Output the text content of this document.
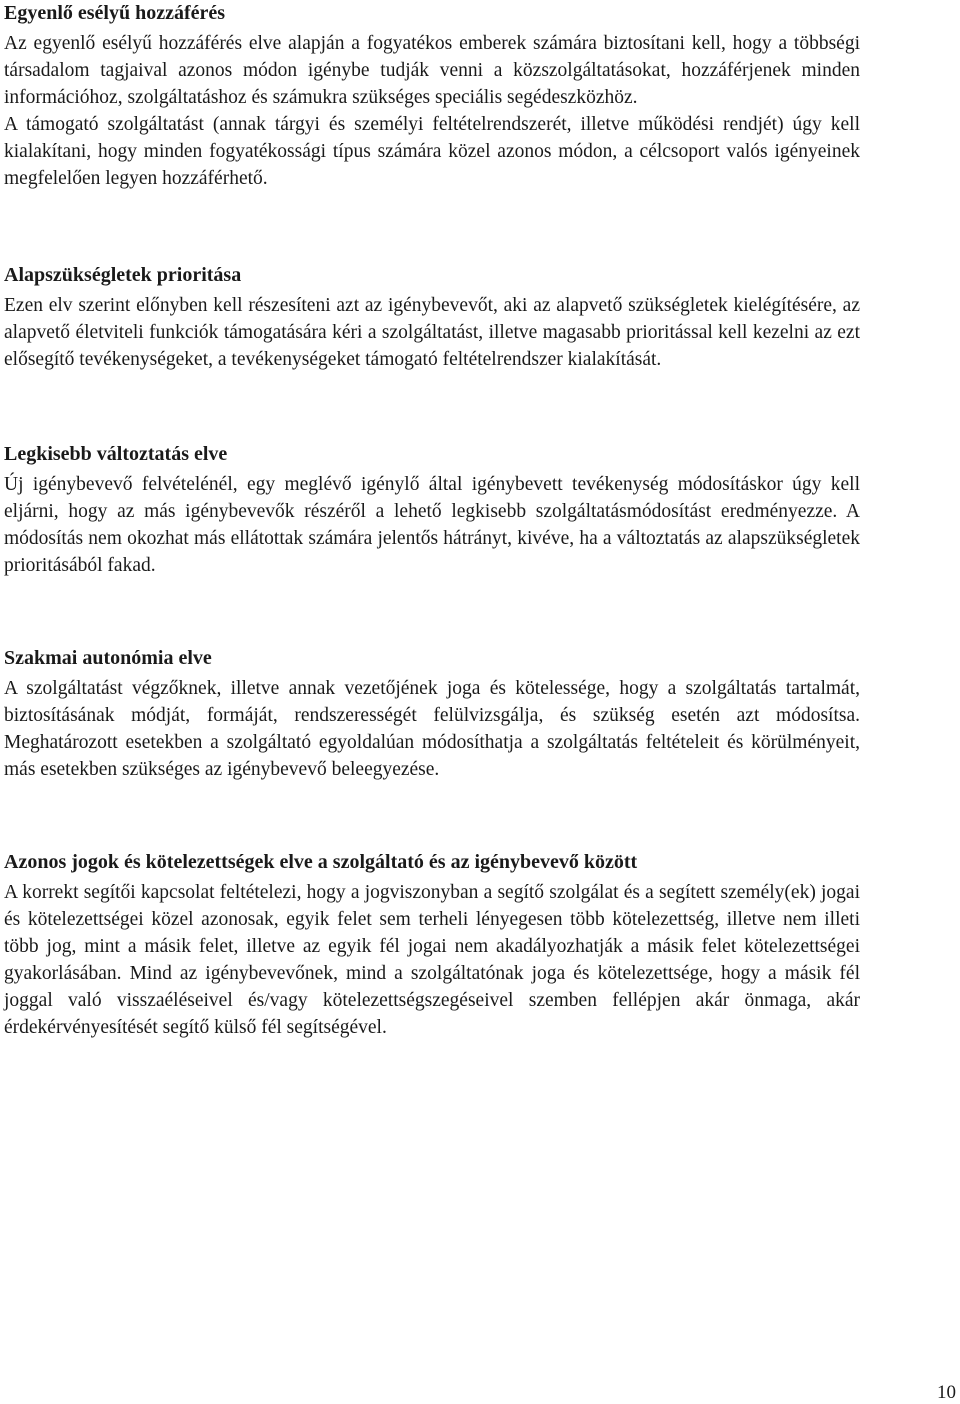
Egyenlő esélyű hozzáférés

Az egyenlő esélyű hozzáférés elve alapján a fogyatékos emberek számára biztosítani kell, hogy a többségi társadalom tagjaival azonos módon igénybe tudják venni a közszolgáltatásokat, hozzáférjenek minden információhoz, szolgáltatáshoz és számukra szükséges speciális segédeszközhöz.

A támogató szolgáltatást (annak tárgyi és személyi feltételrendszerét, illetve működési rendjét) úgy kell kialakítani, hogy minden fogyatékossági típus számára közel azonos módon, a célcsoport valós igényeinek megfelelően legyen hozzáférhető.

Alapszükségletek prioritása

Ezen elv szerint előnyben kell részesíteni azt az igénybevevőt, aki az alapvető szükségletek kielégítésére, az alapvető életviteli funkciók támogatására kéri a szolgáltatást, illetve magasabb prioritással kell kezelni az ezt elősegítő tevékenységeket, a tevékenységeket támogató feltételrendszer kialakítását.

Legkisebb változtatás elve

Új igénybevevő felvételénél, egy meglévő igénylő által igénybevett tevékenység módosításkor úgy kell eljárni, hogy az más igénybevevők részéről a lehető legkisebb szolgáltatásmódosítást eredményezze. A módosítás nem okozhat más ellátottak számára jelentős hátrányt, kivéve, ha a változtatás az alapszükségletek prioritásából fakad.

Szakmai autonómia elve

A szolgáltatást végzőknek, illetve annak vezetőjének joga és kötelessége, hogy a szolgáltatás tartalmát, biztosításának módját, formáját, rendszerességét felülvizsgálja, és szükség esetén azt módosítsa. Meghatározott esetekben a szolgáltató egyoldalúan módosíthatja a szolgáltatás feltételeit és körülményeit, más esetekben szükséges az igénybevevő beleegyezése.

Azonos jogok és kötelezettségek elve a szolgáltató és az igénybevevő között

A korrekt segítői kapcsolat feltételezi, hogy a jogviszonyban a segítő szolgálat és a segített személy(ek) jogai és kötelezettségei közel azonosak, egyik felet sem terheli lényegesen több kötelezettség, illetve nem illeti több jog, mint a másik felet, illetve az egyik fél jogai nem akadályozhatják a másik felet kötelezettségei gyakorlásában. Mind az igénybevevőnek, mind a szolgáltatónak joga és kötelezettsége, hogy a másik fél joggal való visszaéléseivel és/vagy kötelezettségszegéseivel szemben fellépjen akár önmaga, akár érdekérvényesítését segítő külső fél segítségével.

10
